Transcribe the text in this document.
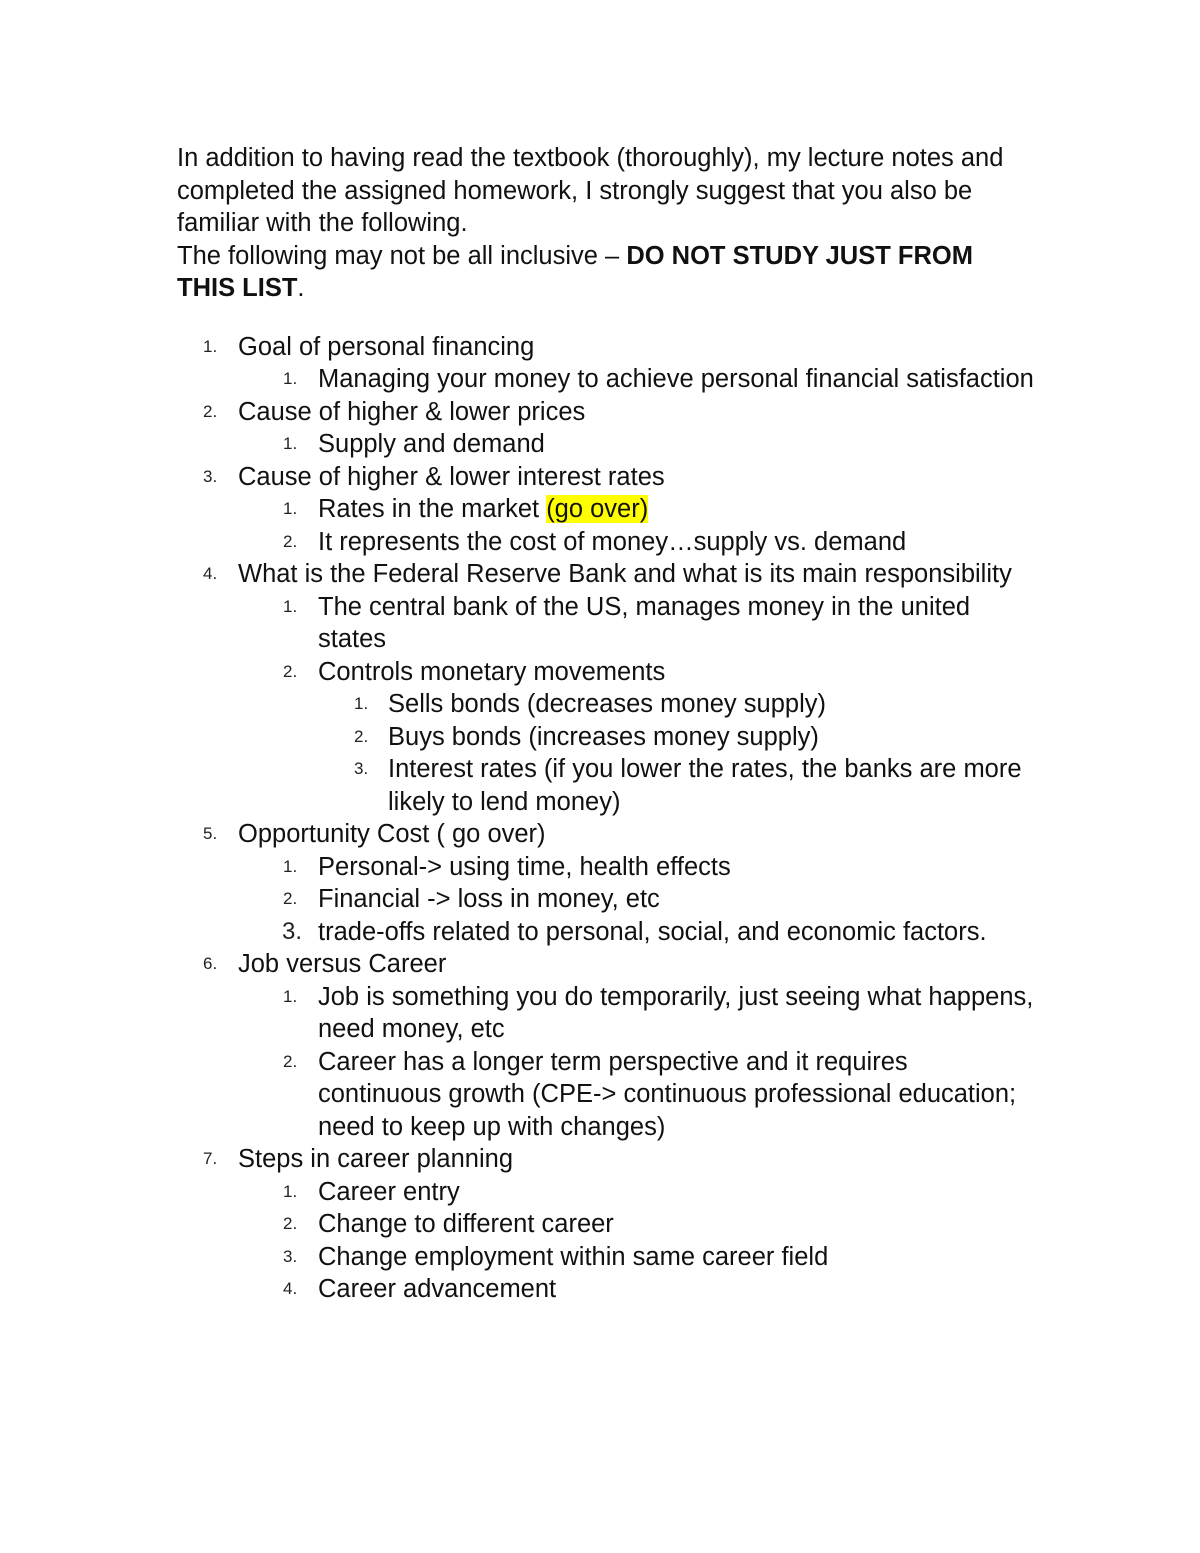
In addition to having read the textbook (thoroughly), my lecture notes and completed the assigned homework, I strongly suggest that you also be familiar with the following.

The following may not be all inclusive – DO NOT STUDY JUST FROM THIS LIST.

1. Goal of personal financing
1. Managing your money to achieve personal financial satisfaction
2. Cause of higher & lower prices
1. Supply and demand
3. Cause of higher & lower interest rates
1. Rates in the market (go over)
2. It represents the cost of money…supply vs. demand
4. What is the Federal Reserve Bank and what is its main responsibility
1. The central bank of the US, manages money in the united states
2. Controls monetary movements
1. Sells bonds (decreases money supply)
2. Buys bonds (increases money supply)
3. Interest rates (if you lower the rates, the banks are more likely to lend money)
5. Opportunity Cost ( go over)
1. Personal-> using time, health effects
2. Financial -> loss in money, etc
3. trade-offs related to personal, social, and economic factors.
6. Job versus Career
1. Job is something you do temporarily, just seeing what happens, need money, etc
2. Career has a longer term perspective and it requires continuous growth (CPE-> continuous professional education; need to keep up with changes)
7. Steps in career planning
1. Career entry
2. Change to different career
3. Change employment within same career field
4. Career advancement
